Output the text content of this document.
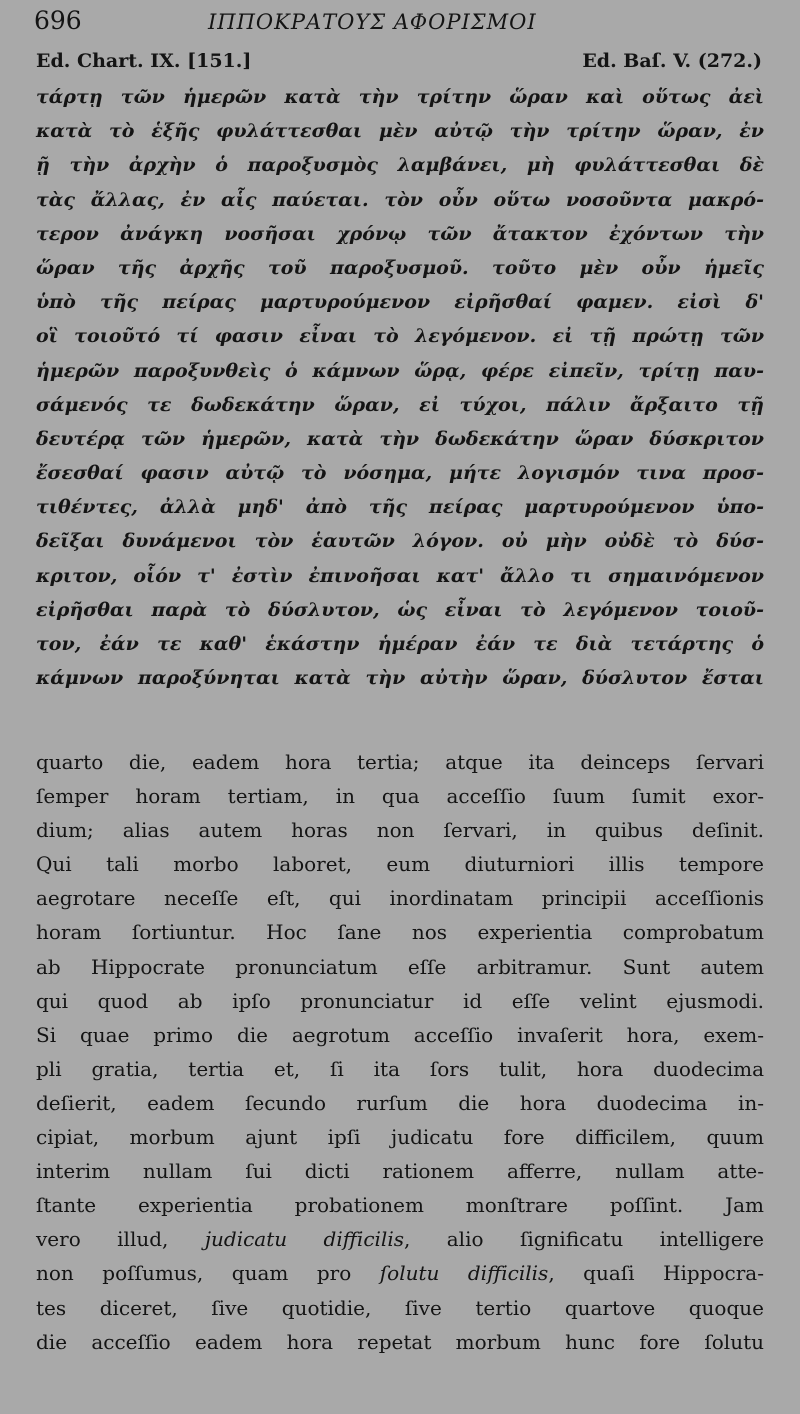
696	ΙΠΠΟΚΡΑΤΟΥΣ ΑΦΟΡΙΣΜΟΙ
Ed. Chart. IX. [151.]	Ed. Baſ. V. (272.)
τάρτῃ τῶν ἡμερῶν κατὰ τὴν τρίτην ὥραν καὶ οὕτως ἀεὶ
κατὰ τὸ ἑξῆς φυλάττεσθαι μὲν αὐτῷ τὴν τρίτην ὥραν, ἐν
ῇ τὴν ἀρχὴν ὁ παροξυσμὸς λαμβάνει, μὴ φυλάττεσθαι δὲ
τὰς ἄλλας, ἐν αἷς παύεται. τὸν οὖν οὕτω νοσοῦντα μακρό-
τερον ἀνάγκη νοσῆσαι χρόνῳ τῶν ἄτακτον ἐχόντων τὴν
ὥραν τῆς ἀρχῆς τοῦ παροξυσμοῦ. τοῦτο μὲν οὖν ἡμεῖς
ὑπὸ τῆς πείρας μαρτυρούμενον εἰρῆσθαί φαμεν. εἰσὶ δ'
οἳ τοιοῦτό τί φασιν εἶναι τὸ λεγόμενον. εἰ τῇ πρώτῃ τῶν
ἡμερῶν παροξυνθεὶς ὁ κάμνων ὥρᾳ, φέρε εἰπεῖν, τρίτῃ παυ-
σάμενός τε δωδεκάτην ὥραν, εἰ τύχοι, πάλιν ἄρξαιτο τῇ
δευτέρᾳ τῶν ἡμερῶν, κατὰ τὴν δωδεκάτην ὥραν δύσκριτον
ἔσεσθαί φασιν αὐτῷ τὸ νόσημα, μήτε λογισμόν τινα προσ-
τιθέντες, ἀλλὰ μηδ' ἀπὸ τῆς πείρας μαρτυρούμενον ὑπο-
δεῖξαι δυνάμενοι τὸν ἑαυτῶν λόγον. οὐ μὴν οὐδὲ τὸ δύσ-
κριτον, οἷόν τ' ἐστὶν ἐπινοῆσαι κατ' ἄλλο τι σημαινόμενον
εἰρῆσθαι παρὰ τὸ δύσλυτον, ὡς εἶναι τὸ λεγόμενον τοιοῦ-
τον, ἐάν τε καθ' ἑκάστην ἡμέραν ἐάν τε διὰ τετάρτης ὁ
κάμνων παροξύνηται κατὰ τὴν αὐτὴν ὥραν, δύσλυτον ἔσται
quarto die, eadem hora tertia; atque ita deinceps ſervari
ſemper horam tertiam, in qua acceſſio ſuum ſumit exor-
dium; alias autem horas non ſervari, in quibus deſinit.
Qui tali morbo laboret, eum diuturniori illis tempore
aegrotare neceſſe eſt, qui inordinatam principii acceſſionis
horam ſortiuntur. Hoc ſane nos experientia comprobatum
ab Hippocrate pronunciatum eſſe arbitramur. Sunt autem
qui quod ab ipſo pronunciatur id eſſe velint ejusmodi.
Si quae primo die aegrotum acceſſio invaſerit hora, exem-
pli gratia, tertia et, ſi ita ſors tulit, hora duodecima
deſierit, eadem ſecundo rurſum die hora duodecima in-
cipiat, morbum ajunt ipſi judicatu fore difficilem, quum
interim nullam ſui dicti rationem afferre, nullam atte-
ſtante experientia probationem monſtrare poſſint. Jam
vero illud, judicatu difficilis, alio ſignificatu intelligere
non poſſumus, quam pro ſolutu difficilis, quaſi Hippocra-
tes diceret, ſive quotidie, ſive tertio quartove quoque
die acceſſio eadem hora repetat morbum hunc fore ſolutu
